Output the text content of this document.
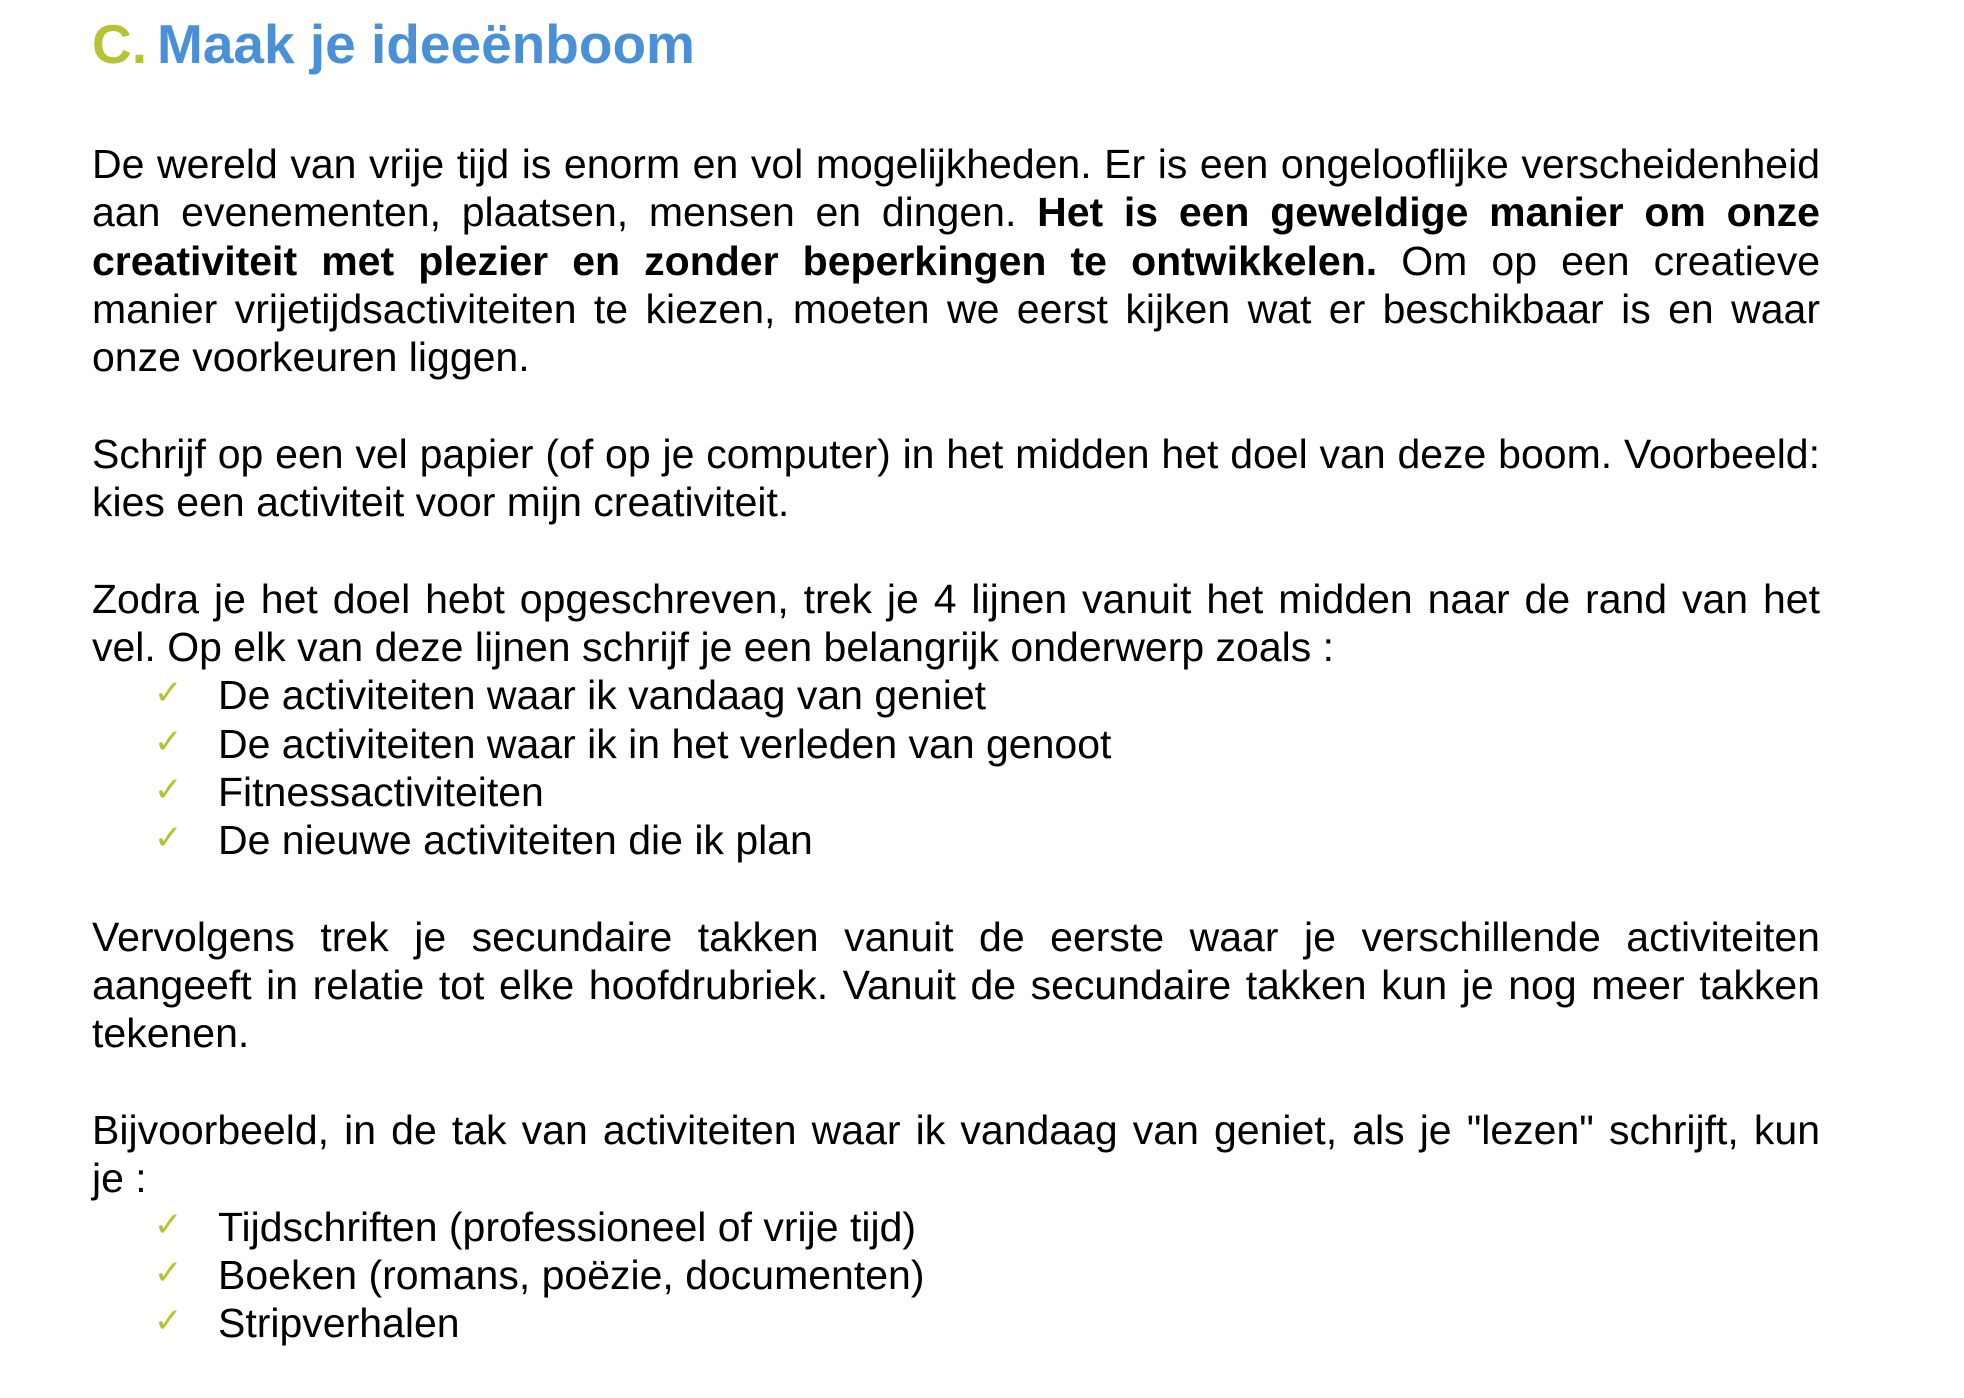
C. Maak je ideeënboom
De wereld van vrije tijd is enorm en vol mogelijkheden. Er is een ongelooflijke verscheidenheid
aan evenementen, plaatsen, mensen en dingen. Het is een geweldige manier om onze
creativiteit met plezier en zonder beperkingen te ontwikkelen. Om op een creatieve
manier vrijetijdsactiviteiten te kiezen, moeten we eerst kijken wat er beschikbaar is en waar
onze voorkeuren liggen.
Schrijf op een vel papier (of op je computer) in het midden het doel van deze boom. Voorbeeld:
kies een activiteit voor mijn creativiteit.
Zodra je het doel hebt opgeschreven, trek je 4 lijnen vanuit het midden naar de rand van het
vel. Op elk van deze lijnen schrijf je een belangrijk onderwerp zoals :
✓ De activiteiten waar ik vandaag van geniet
✓ De activiteiten waar ik in het verleden van genoot
✓ Fitnessactiviteiten
✓ De nieuwe activiteiten die ik plan
Vervolgens trek je secundaire takken vanuit de eerste waar je verschillende activiteiten
aangeeft in relatie tot elke hoofdrubriek. Vanuit de secundaire takken kun je nog meer takken
tekenen.
Bijvoorbeeld, in de tak van activiteiten waar ik vandaag van geniet, als je "lezen" schrijft, kun
je :
✓ Tijdschriften (professioneel of vrije tijd)
✓ Boeken (romans, poëzie, documenten)
✓ Stripverhalen
